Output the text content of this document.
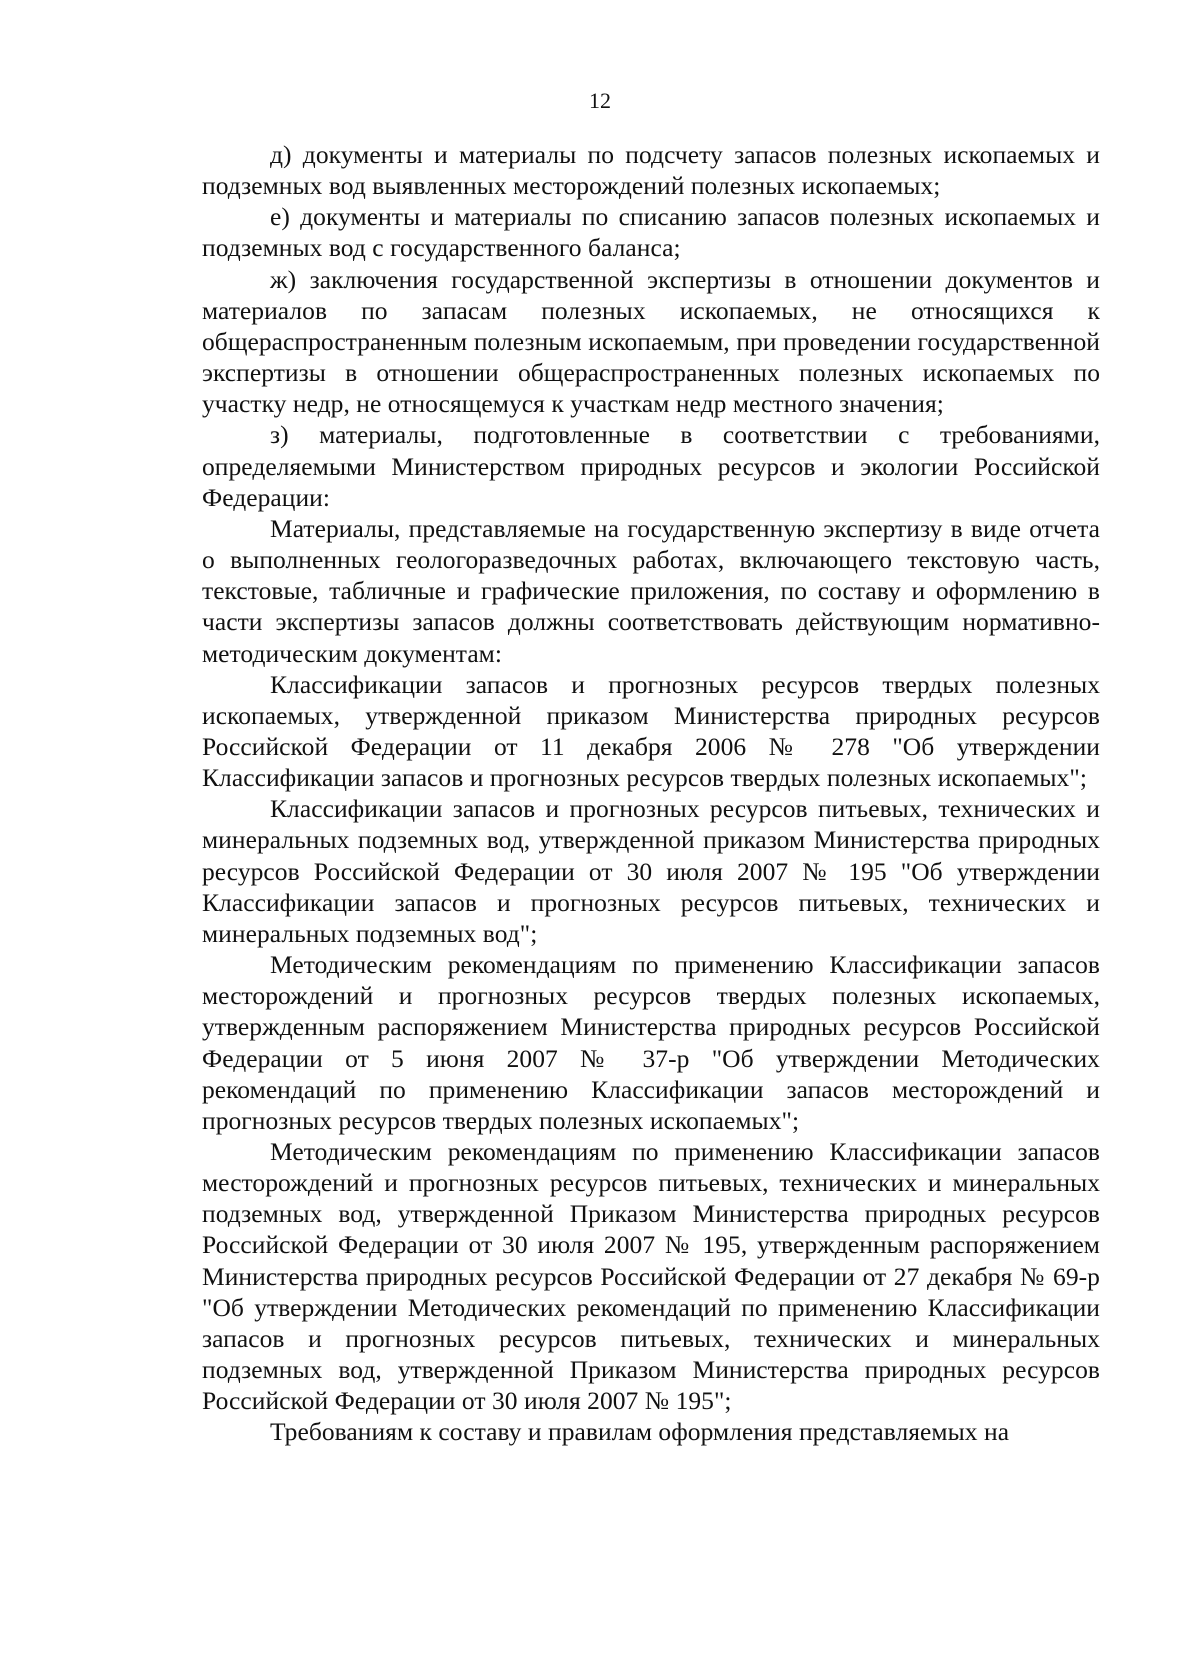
12

д) документы и материалы по подсчету запасов полезных ископаемых и подземных вод выявленных месторождений полезных ископаемых;

е) документы и материалы по списанию запасов полезных ископаемых и подземных вод с государственного баланса;

ж) заключения государственной экспертизы в отношении документов и материалов по запасам полезных ископаемых, не относящихся к общераспространенным полезным ископаемым, при проведении государственной экспертизы в отношении общераспространенных полезных ископаемых по участку недр, не относящемуся к участкам недр местного значения;

з) материалы, подготовленные в соответствии с требованиями, определяемыми Министерством природных ресурсов и экологии Российской Федерации:

Материалы, представляемые на государственную экспертизу в виде отчета о выполненных геологоразведочных работах, включающего текстовую часть, текстовые, табличные и графические приложения, по составу и оформлению в части экспертизы запасов должны соответствовать действующим нормативно-методическим документам:

Классификации запасов и прогнозных ресурсов твердых полезных ископаемых, утвержденной приказом Министерства природных ресурсов Российской Федерации от 11 декабря 2006 № 278 "Об утверждении Классификации запасов и прогнозных ресурсов твердых полезных ископаемых";

Классификации запасов и прогнозных ресурсов питьевых, технических и минеральных подземных вод, утвержденной приказом Министерства природных ресурсов Российской Федерации от 30 июля 2007 № 195 "Об утверждении Классификации запасов и прогнозных ресурсов питьевых, технических и минеральных подземных вод";

Методическим рекомендациям по применению Классификации запасов месторождений и прогнозных ресурсов твердых полезных ископаемых, утвержденным распоряжением Министерства природных ресурсов Российской Федерации от 5 июня 2007 № 37-р "Об утверждении Методических рекомендаций по применению Классификации запасов месторождений и прогнозных ресурсов твердых полезных ископаемых";

Методическим рекомендациям по применению Классификации запасов месторождений и прогнозных ресурсов питьевых, технических и минеральных подземных вод, утвержденной Приказом Министерства природных ресурсов Российской Федерации от 30 июля 2007 № 195, утвержденным распоряжением Министерства природных ресурсов Российской Федерации от 27 декабря № 69-р "Об утверждении Методических рекомендаций по применению Классификации запасов и прогнозных ресурсов питьевых, технических и минеральных подземных вод, утвержденной Приказом Министерства природных ресурсов Российской Федерации от 30 июля 2007 № 195";

Требованиям к составу и правилам оформления представляемых на
